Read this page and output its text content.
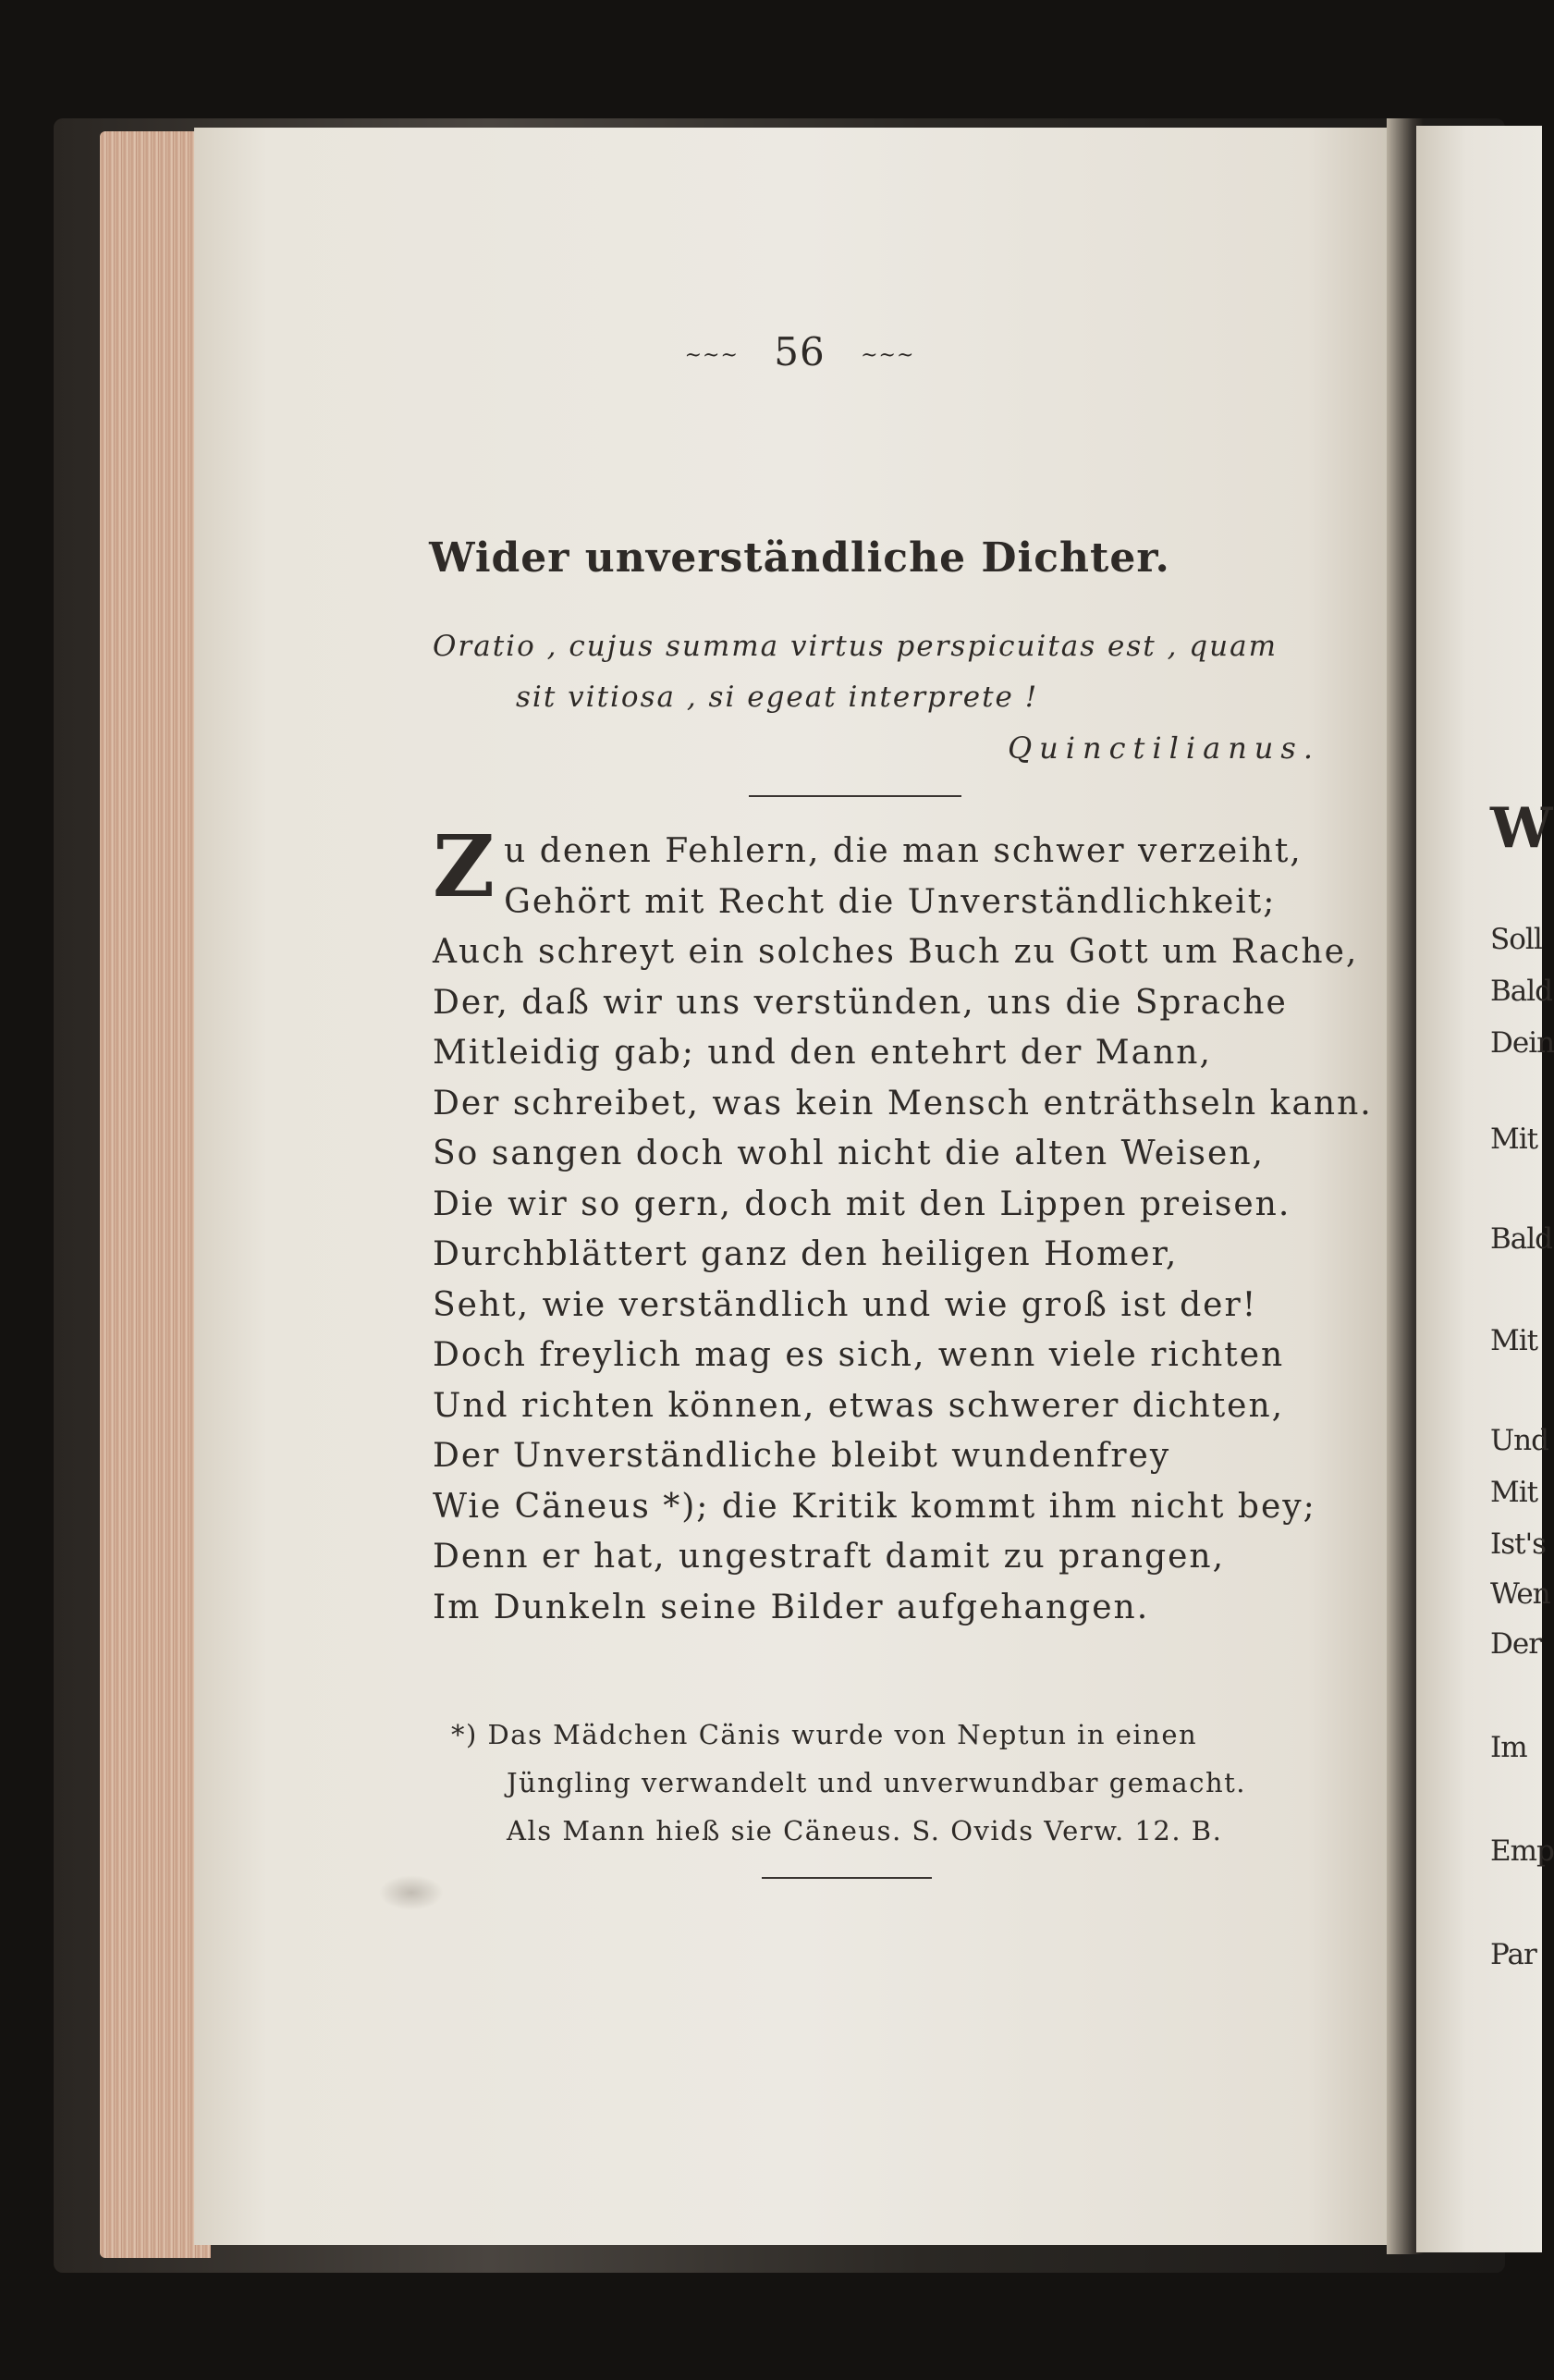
~~~ 56 ~~~
Wider unverständliche Dichter.
Oratio , cujus summa virtus perspicuitas est , quam
sit vitiosa , si egeat interprete !
Quinctilianus.
Z u denen Fehlern, die man schwer verzeiht,
Gehört mit Recht die Unverständlichkeit;
Auch schreyt ein solches Buch zu Gott um Rache,
Der, daß wir uns verstünden, uns die Sprache
Mitleidig gab; und den entehrt der Mann,
Der schreibet, was kein Mensch enträthseln kann.
So sangen doch wohl nicht die alten Weisen,
Die wir so gern, doch mit den Lippen preisen.
Durchblättert ganz den heiligen Homer,
Seht, wie verständlich und wie groß ist der!
Doch freylich mag es sich, wenn viele richten
Und richten können, etwas schwerer dichten,
Der Unverständliche bleibt wundenfrey
Wie Cäneus *); die Kritik kommt ihm nicht bey;
Denn er hat, ungestraft damit zu prangen,
Im Dunkeln seine Bilder aufgehangen.
*) Das Mädchen Cänis wurde von Neptun in einen
Jüngling verwandelt und unverwundbar gemacht.
Als Mann hieß sie Cäneus. S. Ovids Verw. 12. B.
W
Soll
Bald
Dein
Mit
Bald
Mit
Und
Mit
Ist's
Wen
Der
Im
Emp
Par
